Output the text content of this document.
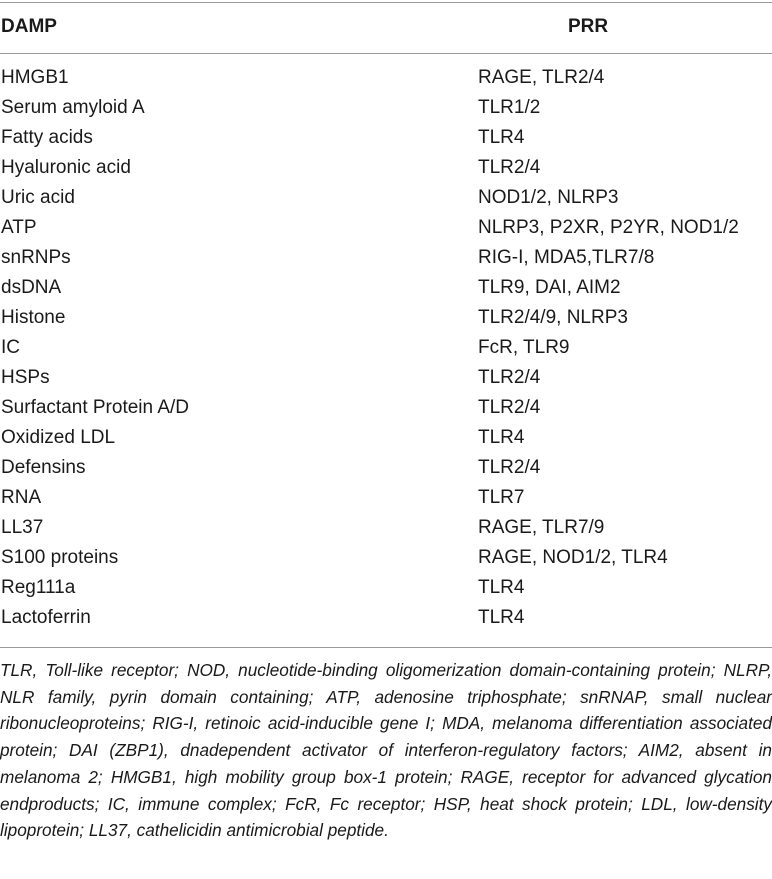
DAMP	PRR
HMGB1	RAGE, TLR2/4
Serum amyloid A	TLR1/2
Fatty acids	TLR4
Hyaluronic acid	TLR2/4
Uric acid	NOD1/2, NLRP3
ATP	NLRP3, P2XR, P2YR, NOD1/2
snRNPs	RIG-I, MDA5,TLR7/8
dsDNA	TLR9, DAI, AIM2
Histone	TLR2/4/9, NLRP3
IC	FcR, TLR9
HSPs	TLR2/4
Surfactant Protein A/D	TLR2/4
Oxidized LDL	TLR4
Defensins	TLR2/4
RNA	TLR7
LL37	RAGE, TLR7/9
S100 proteins	RAGE, NOD1/2, TLR4
Reg111a	TLR4
Lactoferrin	TLR4

TLR, Toll-like receptor; NOD, nucleotide-binding oligomerization domain-containing protein; NLRP, NLR family, pyrin domain containing; ATP, adenosine triphosphate; snRNAP, small nuclear ribonucleoproteins; RIG-I, retinoic acid-inducible gene I; MDA, melanoma differentiation associated protein; DAI (ZBP1), dnadependent activator of interferon-regulatory factors; AIM2, absent in melanoma 2; HMGB1, high mobility group box-1 protein; RAGE, receptor for advanced glycation endproducts; IC, immune complex; FcR, Fc receptor; HSP, heat shock protein; LDL, low-density lipoprotein; LL37, cathelicidin antimicrobial peptide.
